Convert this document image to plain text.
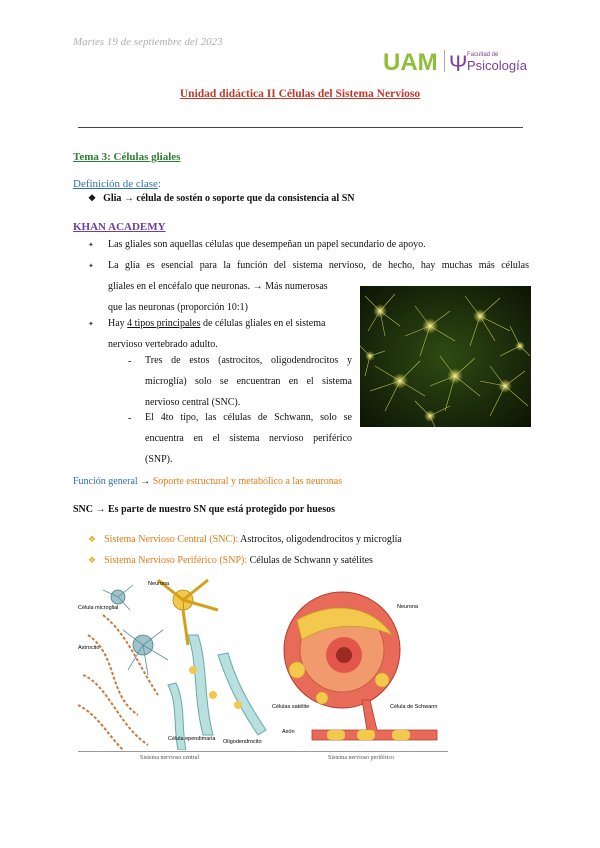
Martes 19 de septiembre del 2023
UAM Ψ Facultad de
Psicología
Unidad didáctica II Células del Sistema Nervioso
Tema 3: Células gliales
Definición de clase:
❖ Glia → célula de sostén o soporte que da consistencia al SN
KHAN ACADEMY
✦ Las gliales son aquellas células que desempeñan un papel secundario de apoyo.
✦ La glía es esencial para la función del sistema nervioso, de hecho, hay muchas más células
gliales en el encéfalo que neuronas. → Más numerosas
que las neuronas (proporción 10:1)
✦ Hay 4 tipos principales de células gliales en el sistema
nervioso vertebrado adulto.
- Tres de estos (astrocitos, oligodendrocitos y
microglía) solo se encuentran en el sistema
nervioso central (SNC).
- El 4to tipo, las células de Schwann, solo se
encuentra en el sistema nervioso periférico
(SNP).
Función general → Soporte estructural y metabólico a las neuronas
SNC → Es parte de nuestro SN que está protegido por huesos
❖ Sistema Nervioso Central (SNC): Astrocitos, oligodendrocitos y microglía
❖ Sistema Nervioso Periférico (SNP): Células de Schwann y satélites
Neurona
Célula microglial
Astrocito
Célula ependimaria Oligodendrocito
Neurona
Células satélite	Célula de Schwann
Axón
Sistema nervioso central	Sistema nervioso periférico
